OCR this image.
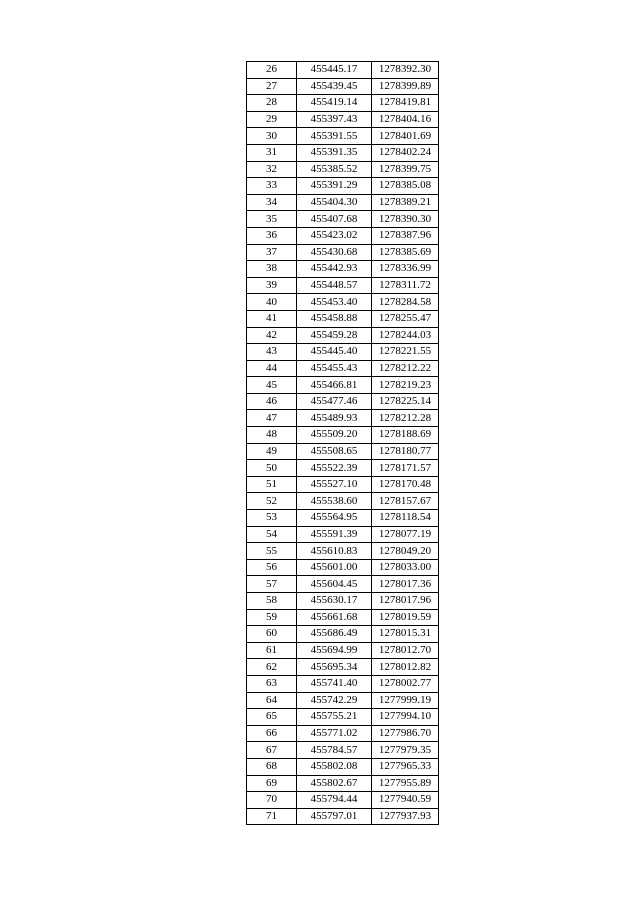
26	455445.17	1278392.30
27	455439.45	1278399.89
28	455419.14	1278419.81
29	455397.43	1278404.16
30	455391.55	1278401.69
31	455391.35	1278402.24
32	455385.52	1278399.75
33	455391.29	1278385.08
34	455404.30	1278389.21
35	455407.68	1278390.30
36	455423.02	1278387.96
37	455430.68	1278385.69
38	455442.93	1278336.99
39	455448.57	1278311.72
40	455453.40	1278284.58
41	455458.88	1278255.47
42	455459.28	1278244.03
43	455445.40	1278221.55
44	455455.43	1278212.22
45	455466.81	1278219.23
46	455477.46	1278225.14
47	455489.93	1278212.28
48	455509.20	1278188.69
49	455508.65	1278180.77
50	455522.39	1278171.57
51	455527.10	1278170.48
52	455538.60	1278157.67
53	455564.95	1278118.54
54	455591.39	1278077.19
55	455610.83	1278049.20
56	455601.00	1278033.00
57	455604.45	1278017.36
58	455630.17	1278017.96
59	455661.68	1278019.59
60	455686.49	1278015.31
61	455694.99	1278012.70
62	455695.34	1278012.82
63	455741.40	1278002.77
64	455742.29	1277999.19
65	455755.21	1277994.10
66	455771.02	1277986.70
67	455784.57	1277979.35
68	455802.08	1277965.33
69	455802.67	1277955.89
70	455794.44	1277940.59
71	455797.01	1277937.93
